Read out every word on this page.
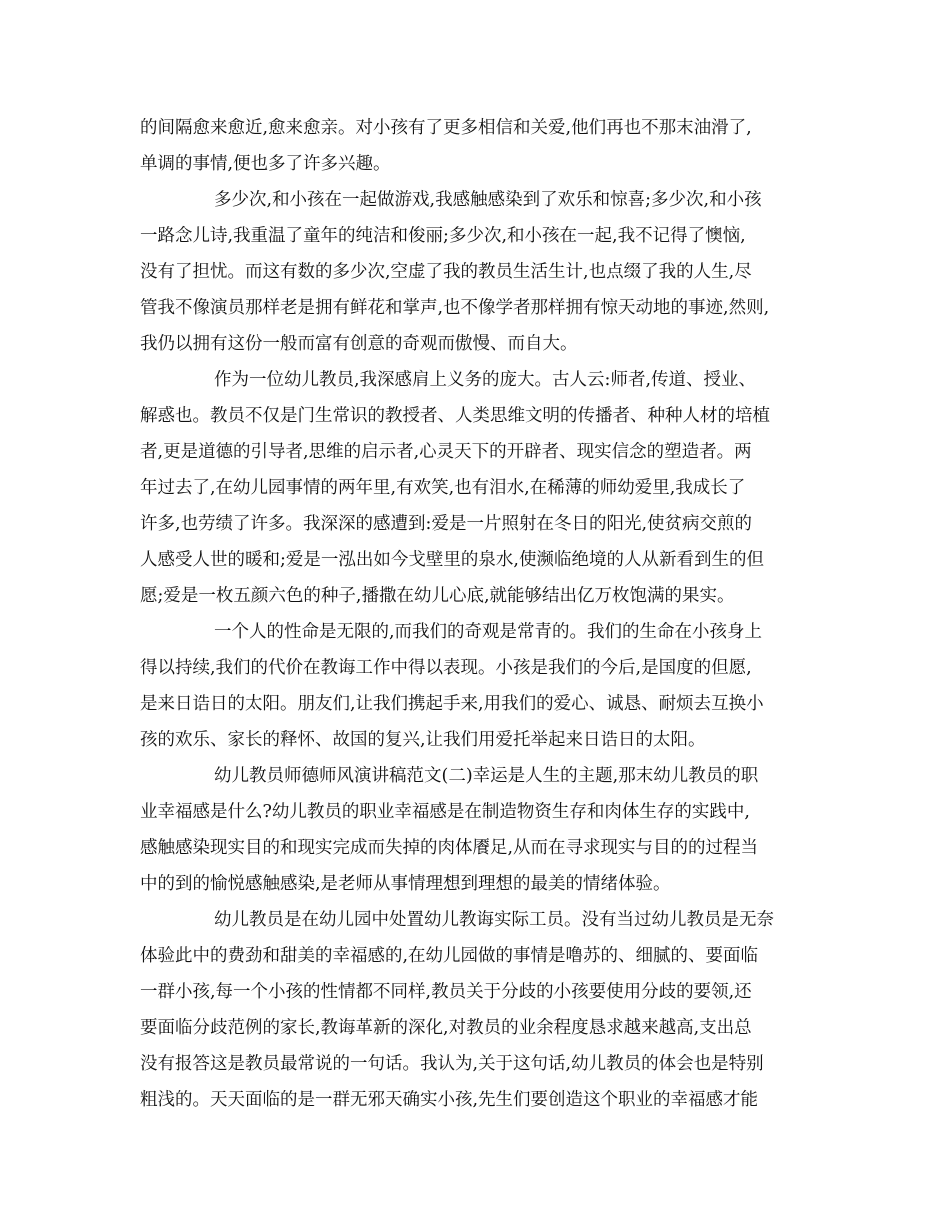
的间隔愈来愈近,愈来愈亲。对小孩有了更多相信和关爱,他们再也不那末油滑了,
单调的事情,便也多了许多兴趣。
多少次,和小孩在一起做游戏,我感触感染到了欢乐和惊喜;多少次,和小孩
一路念儿诗,我重温了童年的纯洁和俊丽;多少次,和小孩在一起,我不记得了懊恼,
没有了担忧。而这有数的多少次,空虚了我的教员生活生计,也点缀了我的人生,尽
管我不像演员那样老是拥有鲜花和掌声,也不像学者那样拥有惊天动地的事迹,然则,
我仍以拥有这份一般而富有创意的奇观而傲慢、而自大。
作为一位幼儿教员,我深感肩上义务的庞大。古人云:师者,传道、授业、
解惑也。教员不仅是门生常识的教授者、人类思维文明的传播者、种种人材的培植
者,更是道德的引导者,思维的启示者,心灵天下的开辟者、现实信念的塑造者。两
年过去了,在幼儿园事情的两年里,有欢笑,也有泪水,在稀薄的师幼爱里,我成长了
许多,也劳绩了许多。我深深的感遭到:爱是一片照射在冬日的阳光,使贫病交煎的
人感受人世的暖和;爱是一泓出如今戈壁里的泉水,使濒临绝境的人从新看到生的但
愿;爱是一枚五颜六色的种子,播撒在幼儿心底,就能够结出亿万枚饱满的果实。
一个人的性命是无限的,而我们的奇观是常青的。我们的生命在小孩身上
得以持续,我们的代价在教诲工作中得以表现。小孩是我们的今后,是国度的但愿,
是来日诰日的太阳。朋友们,让我们携起手来,用我们的爱心、诚恳、耐烦去互换小
孩的欢乐、家长的释怀、故国的复兴,让我们用爱托举起来日诰日的太阳。
幼儿教员师德师风演讲稿范文(二)幸运是人生的主题,那末幼儿教员的职
业幸福感是什么?幼儿教员的职业幸福感是在制造物资生存和肉体生存的实践中,
感触感染现实目的和现实完成而失掉的肉体餍足,从而在寻求现实与目的的过程当
中的到的愉悦感触感染,是老师从事情理想到理想的最美的情绪体验。
幼儿教员是在幼儿园中处置幼儿教诲实际工员。没有当过幼儿教员是无奈
体验此中的费劲和甜美的幸福感的,在幼儿园做的事情是噜苏的、细腻的、要面临
一群小孩,每一个小孩的性情都不同样,教员关于分歧的小孩要使用分歧的要领,还
要面临分歧范例的家长,教诲革新的深化,对教员的业余程度恳求越来越高,支出总
没有报答这是教员最常说的一句话。我认为,关于这句话,幼儿教员的体会也是特别
粗浅的。天天面临的是一群无邪天确实小孩,先生们要创造这个职业的幸福感才能
